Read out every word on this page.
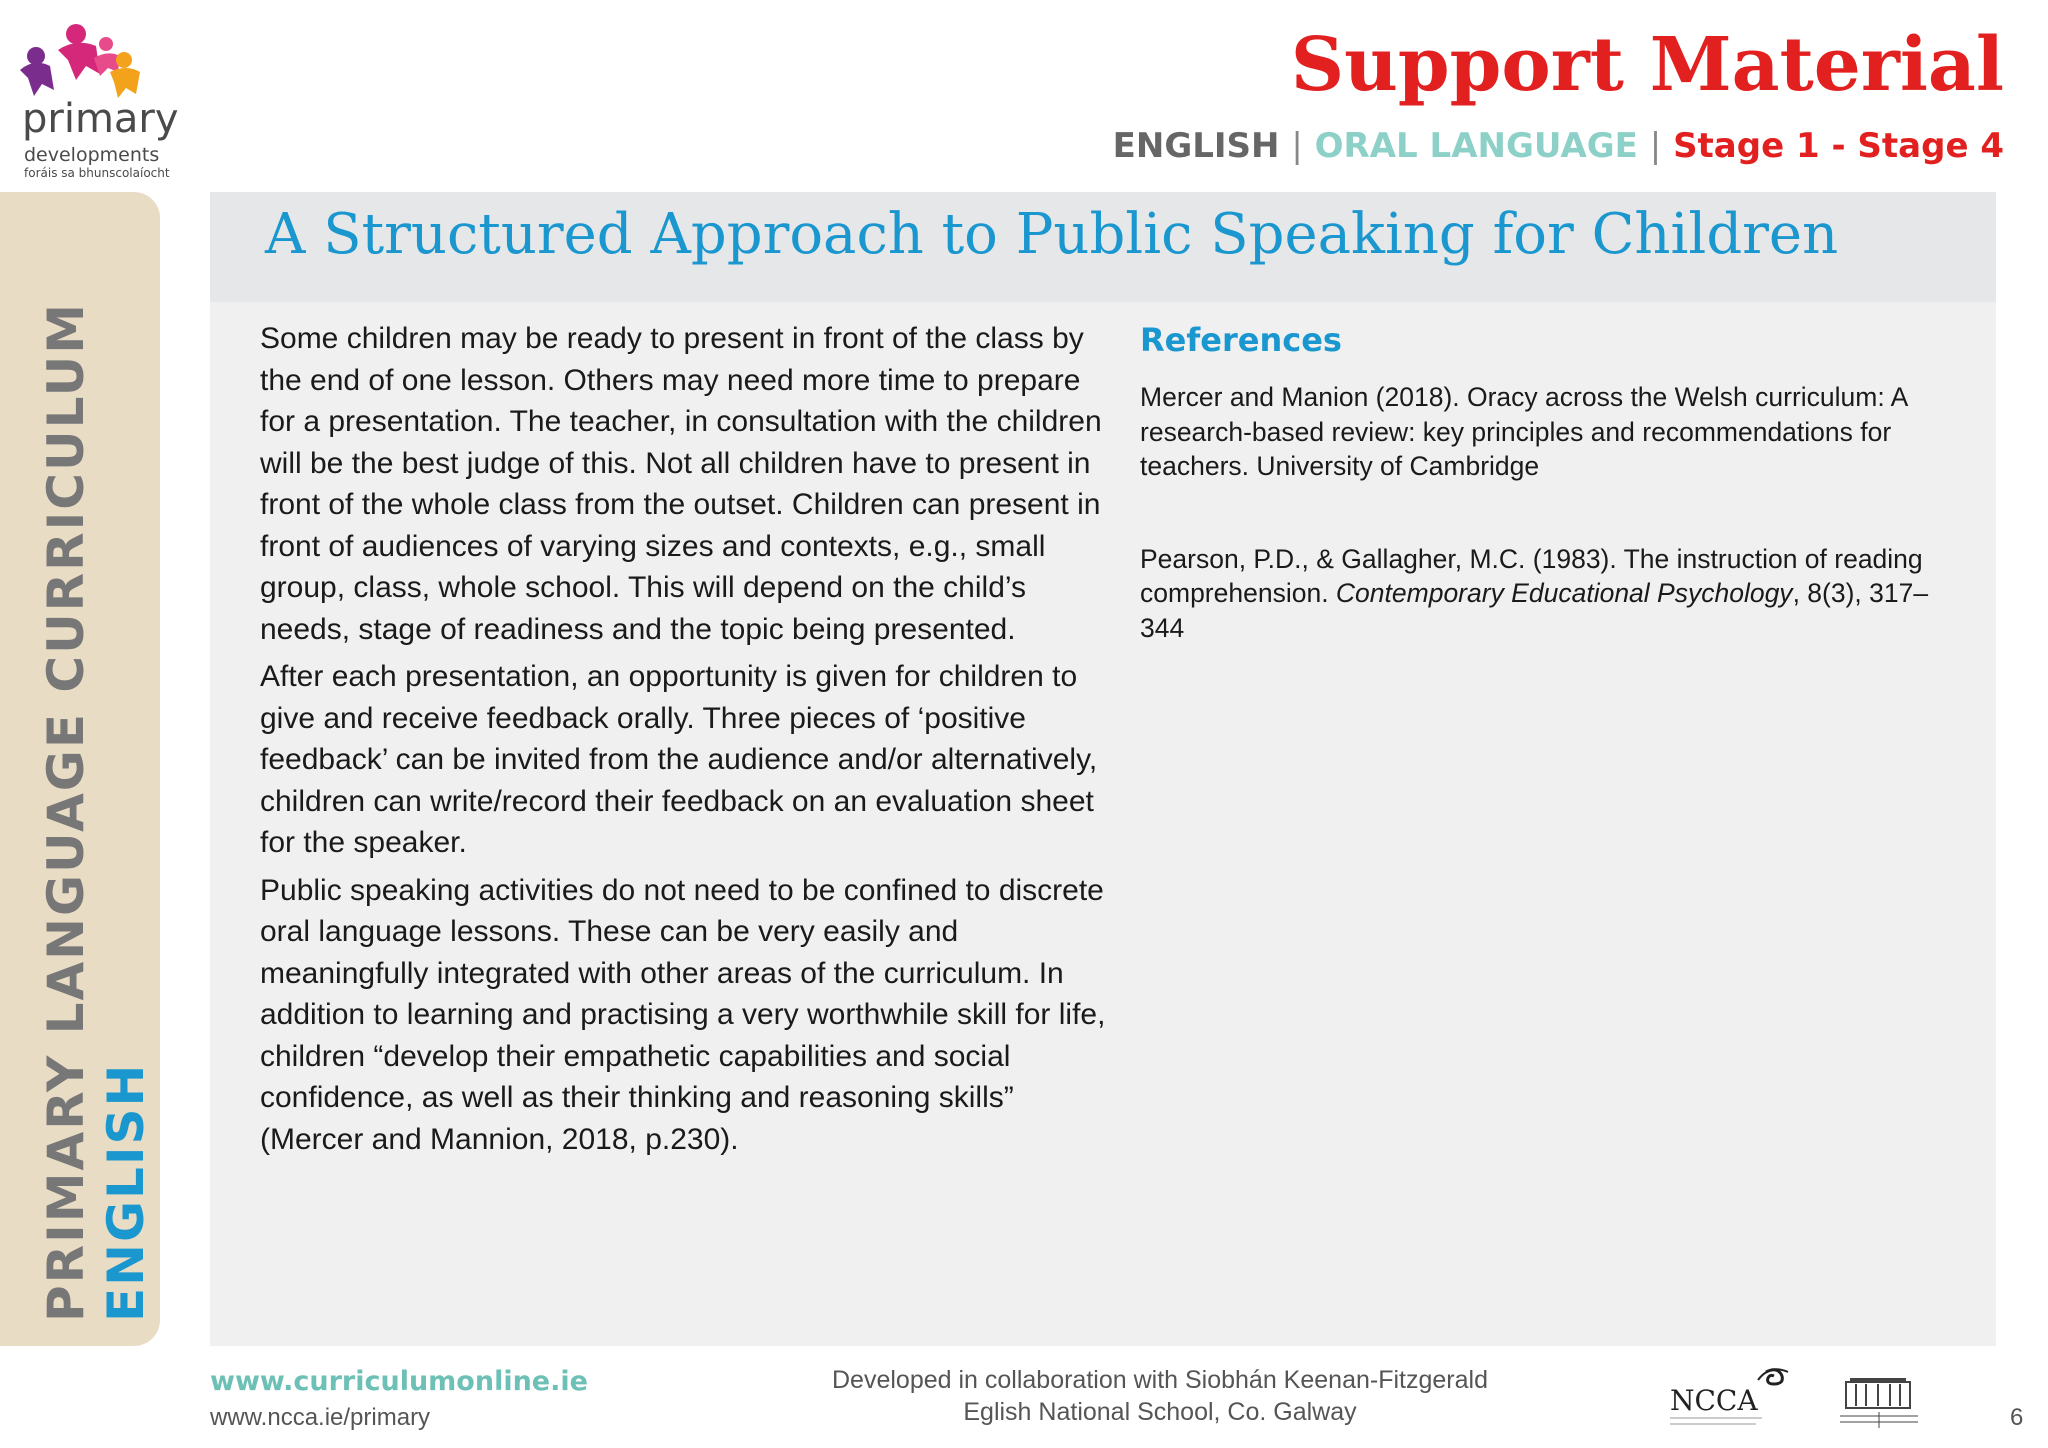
primary
developments
foráis sa bhunscolaíocht
Support Material
ENGLISH | ORAL LANGUAGE | Stage 1 - Stage 4
PRIMARY LANGUAGE CURRICULUM ENGLISH
A Structured Approach to Public Speaking for Children

Some children may be ready to present in front of the class by the end of one lesson. Others may need more time to prepare for a presentation. The teacher, in consultation with the children will be the best judge of this. Not all children have to present in front of the whole class from the outset. Children can present in front of audiences of varying sizes and contexts, e.g., small group, class, whole school. This will depend on the child’s needs, stage of readiness and the topic being presented.

After each presentation, an opportunity is given for children to give and receive feedback orally. Three pieces of ‘positive feedback’ can be invited from the audience and/or alternatively, children can write/record their feedback on an evaluation sheet for the speaker.

Public speaking activities do not need to be confined to discrete oral language lessons. These can be very easily and meaningfully integrated with other areas of the curriculum. In addition to learning and practising a very worthwhile skill for life, children “develop their empathetic capabilities and social confidence, as well as their thinking and reasoning skills” (Mercer and Mannion, 2018, p.230).

References
Mercer and Manion (2018). Oracy across the Welsh curriculum: A research-based review: key principles and recommendations for teachers. University of Cambridge
Pearson, P.D., & Gallagher, M.C. (1983). The instruction of reading comprehension. Contemporary Educational Psychology, 8(3), 317–344
www.curriculumonline.ie
www.ncca.ie/primary
Developed in collaboration with Siobhán Keenan-Fitzgerald
Eglish National School, Co. Galway	NCCA
6
